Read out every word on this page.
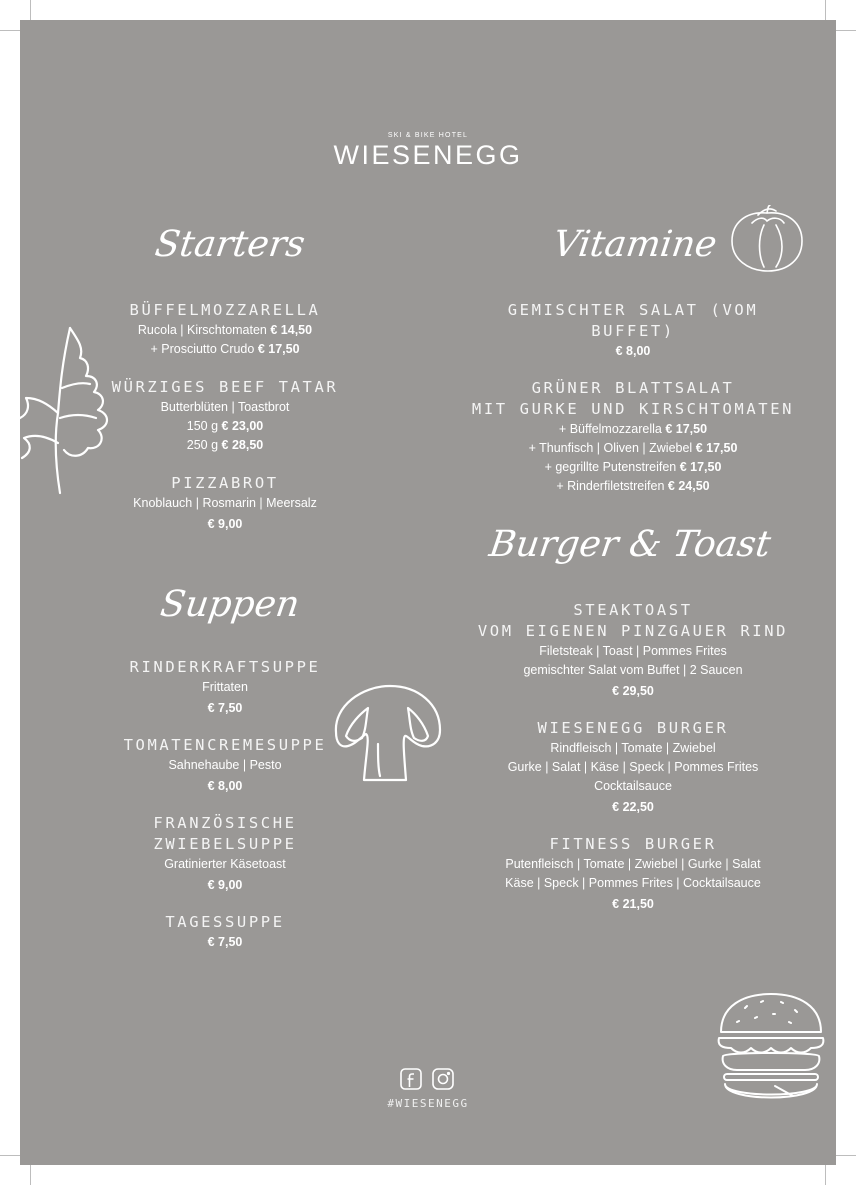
SKI & BIKE HOTEL
WIESENEGG
Starters
Suppen
Vitamine
Burger & Toast
BÜFFELMOZZARELLA
Rucola | Kirschtomaten € 14,50
+ Prosciutto Crudo € 17,50
WÜRZIGES BEEF TATAR
Butterblüten | Toastbrot
150 g € 23,00
250 g € 28,50
PIZZABROT
Knoblauch | Rosmarin | Meersalz
€ 9,00
RINDERKRAFTSUPPE
Frittaten
€ 7,50
TOMATENCREMESUPPE
Sahnehaube | Pesto
€ 8,00
FRANZÖSISCHE ZWIEBELSUPPE
Gratinierter Käsetoast
€ 9,00
TAGESSUPPE
€ 7,50
GEMISCHTER SALAT (VOM BUFFET)
€ 8,00
GRÜNER BLATTSALAT
MIT GURKE UND KIRSCHTOMATEN
+ Büffelmozzarella € 17,50
+ Thunfisch | Oliven | Zwiebel € 17,50
+ gegrillte Putenstreifen € 17,50
+ Rinderfiletstreifen € 24,50
STEAKTOAST
VOM EIGENEN PINZGAUER RIND
Filetsteak | Toast | Pommes Frites
gemischter Salat vom Buffet | 2 Saucen
€ 29,50
WIESENEGG BURGER
Rindfleisch | Tomate | Zwiebel
Gurke | Salat | Käse | Speck | Pommes Frites
Cocktailsauce
€ 22,50
FITNESS BURGER
Putenfleisch | Tomate | Zwiebel | Gurke | Salat
Käse | Speck | Pommes Frites | Cocktailsauce
€ 21,50
#WIESENEGG
